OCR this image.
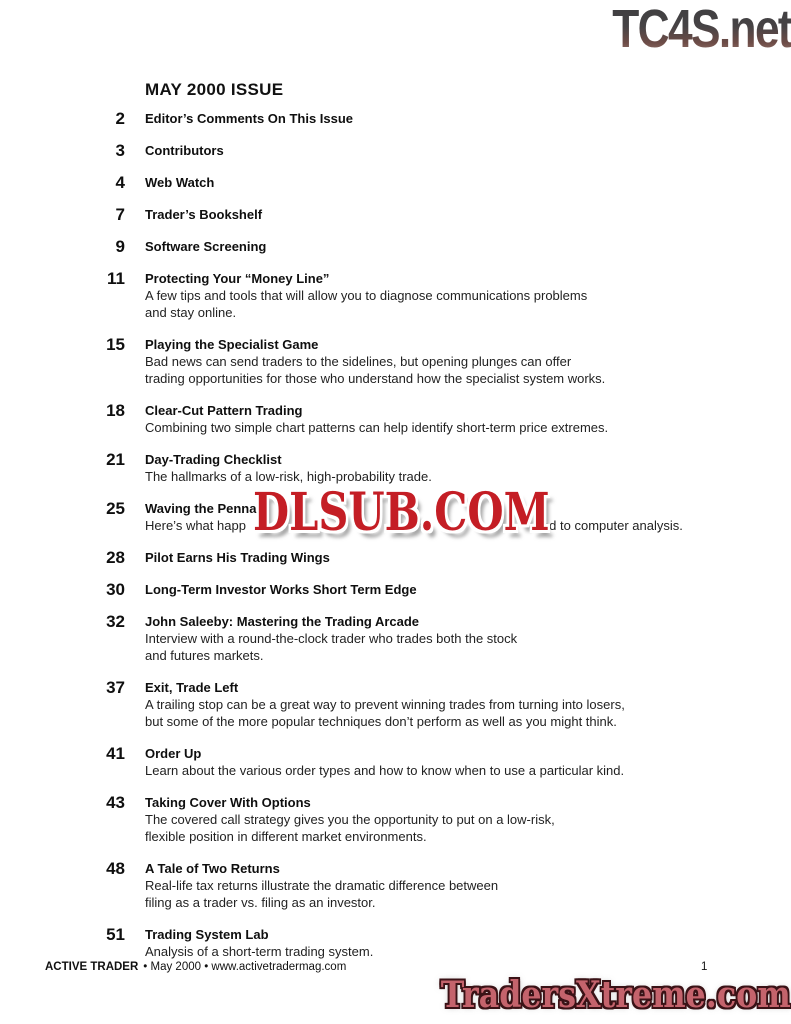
TC4S.net
MAY 2000 ISSUE
2 Editor’s Comments On This Issue
3 Contributors
4 Web Watch
7 Trader’s Bookshelf
9 Software Screening
11 Protecting Your “Money Line”
A few tips and tools that will allow you to diagnose communications problems
and stay online.
15 Playing the Specialist Game
Bad news can send traders to the sidelines, but opening plunges can offer
trading opportunities for those who understand how the specialist system works.
18 Clear-Cut Pattern Trading
Combining two simple chart patterns can help identify short-term price extremes.
21 Day-Trading Checklist
The hallmarks of a low-risk, high-probability trade.
25 Waving the Penna
Here’s what happ	ed to computer analysis.
28 Pilot Earns His Trading Wings
30 Long-Term Investor Works Short Term Edge
32 John Saleeby: Mastering the Trading Arcade
Interview with a round-the-clock trader who trades both the stock
and futures markets.
37 Exit, Trade Left
A trailing stop can be a great way to prevent winning trades from turning into losers,
but some of the more popular techniques don’t perform as well as you might think.
41 Order Up
Learn about the various order types and how to know when to use a particular kind.
43 Taking Cover With Options
The covered call strategy gives you the opportunity to put on a low-risk,
flexible position in different market environments.
48 A Tale of Two Returns
Real-life tax returns illustrate the dramatic difference between
filing as a trader vs. filing as an investor.
51 Trading System Lab
Analysis of a short-term trading system.
DLSUB.COM
ACTIVE TRADER • May 2000 • www.activetradermag.com	1
TradersXtreme.com
